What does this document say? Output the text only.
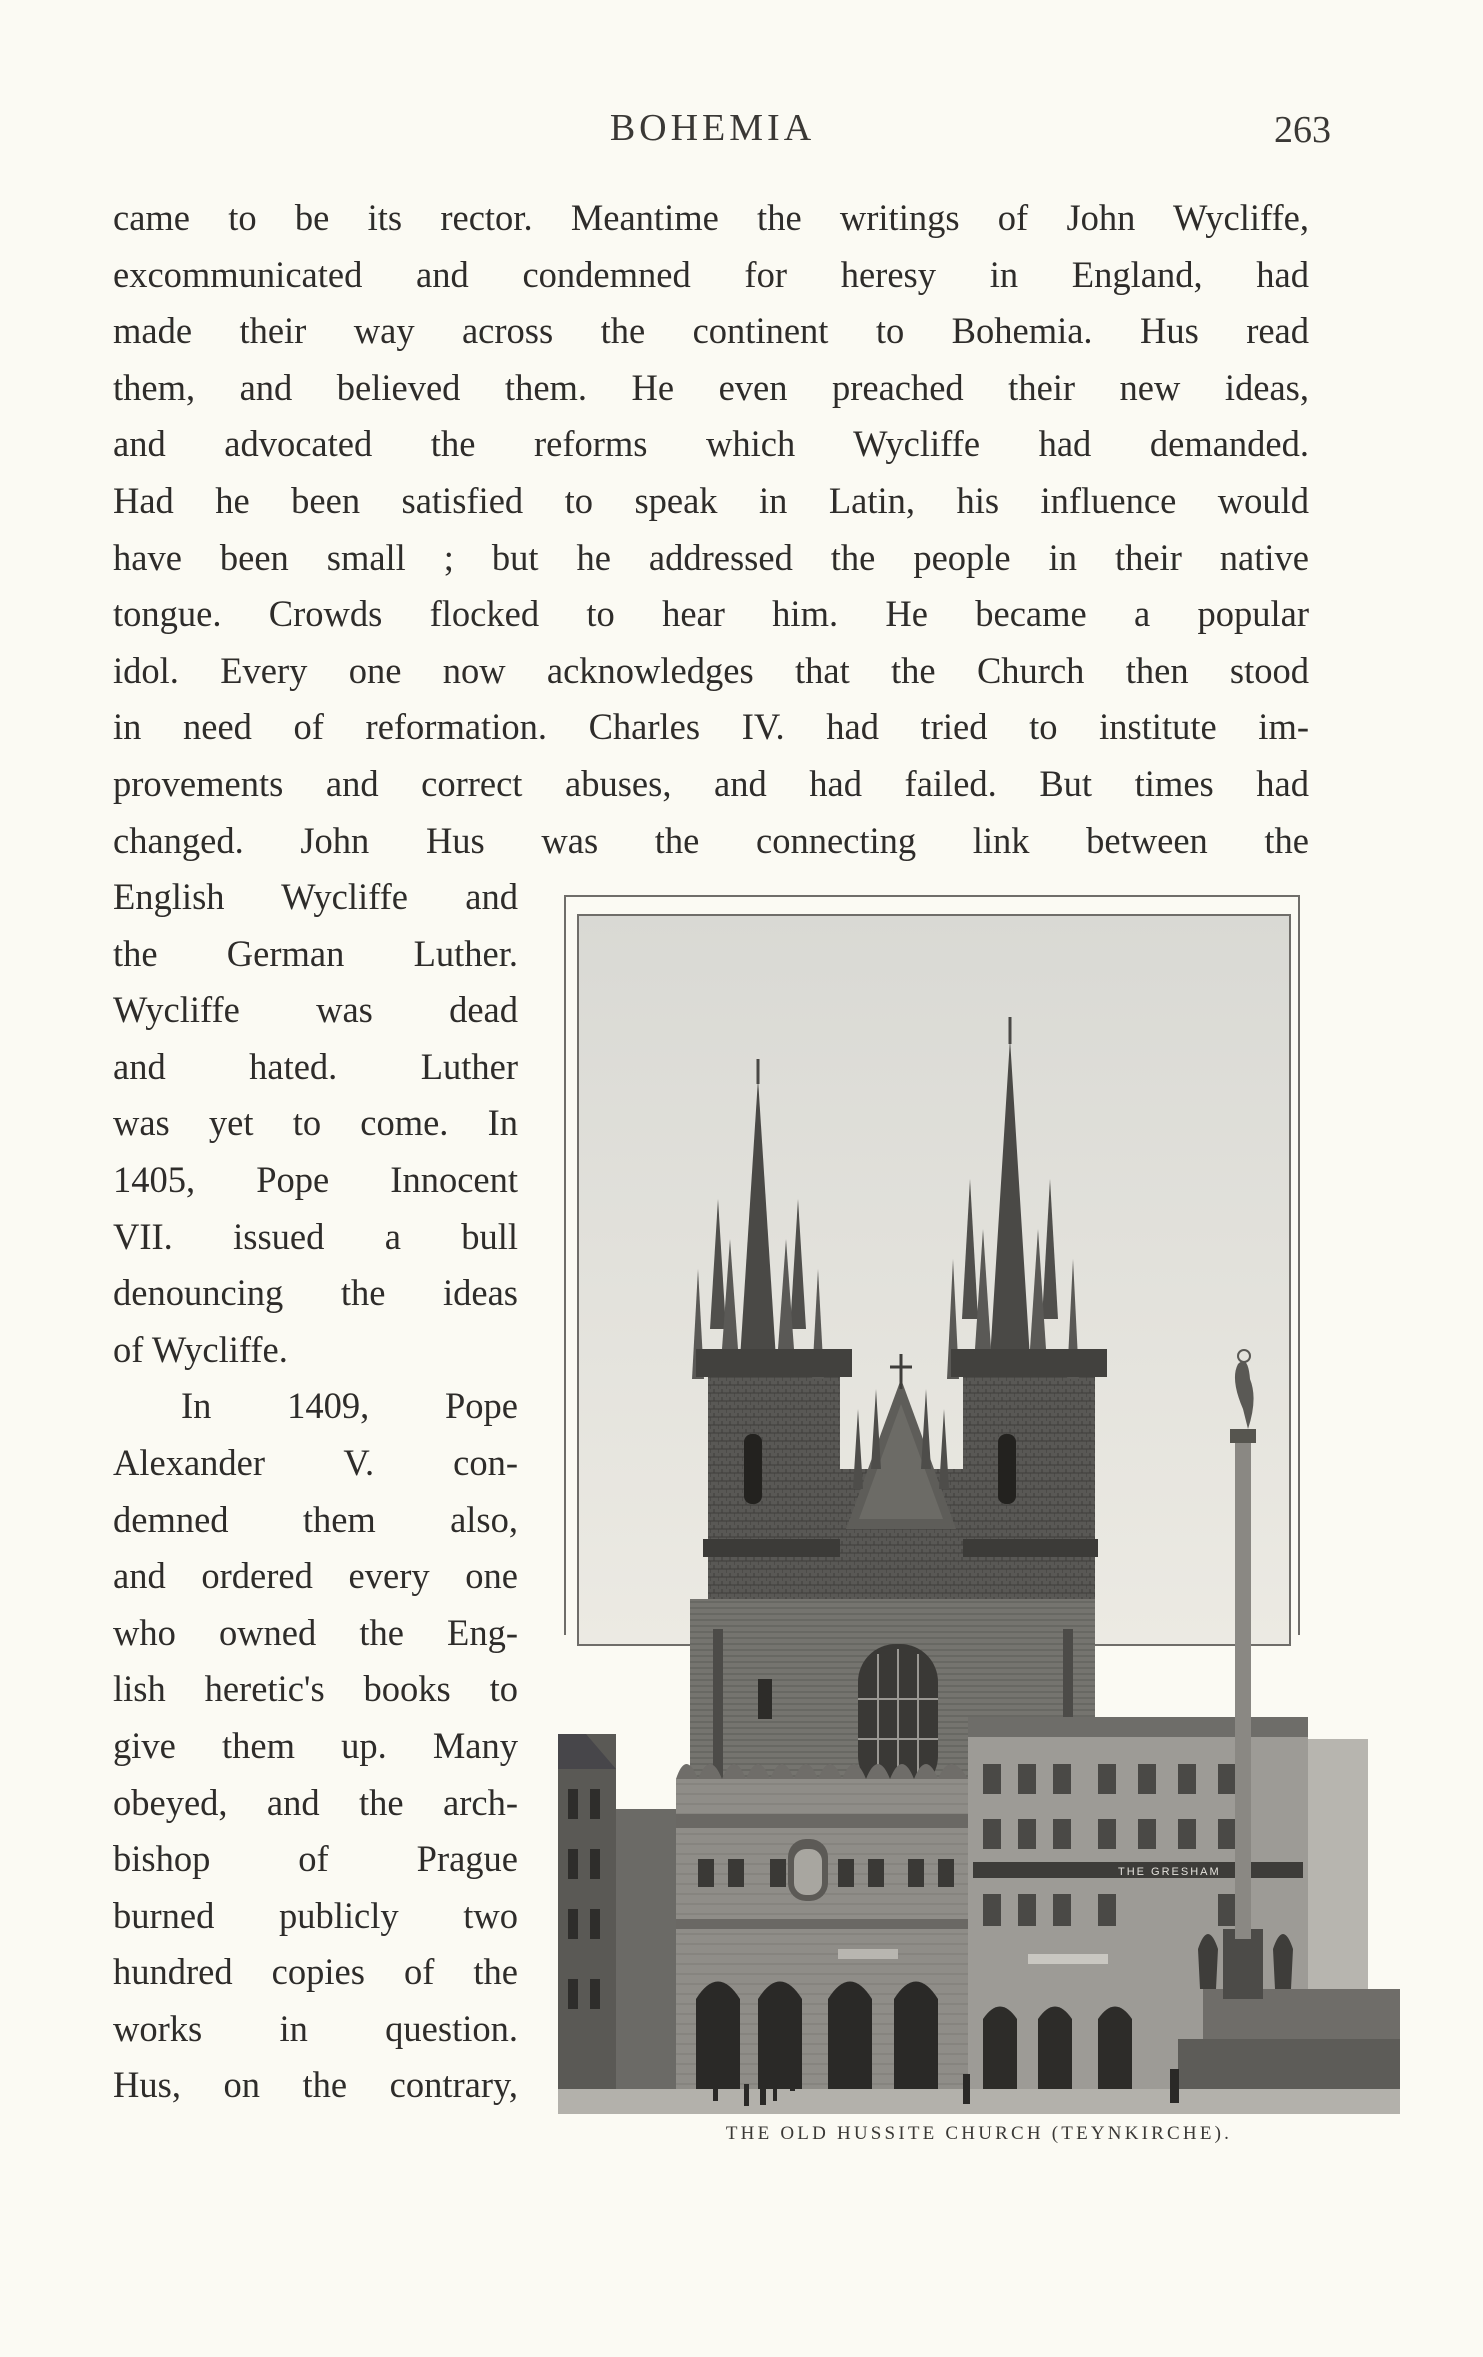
BOHEMIA	263
came to be its rector. Meantime the writings of John Wycliffe,
excommunicated and condemned for heresy in England, had
made their way across the continent to Bohemia. Hus read
them, and believed them. He even preached their new ideas,
and advocated the reforms which Wycliffe had demanded.
Had he been satisfied to speak in Latin, his influence would
have been small ; but he addressed the people in their native
tongue. Crowds flocked to hear him. He became a popular
idol. Every one now acknowledges that the Church then stood
in need of reformation. Charles IV. had tried to institute im-
provements and correct abuses, and had failed. But times had
changed. John Hus was the connecting link between the
English Wycliffe and
the German Luther.
Wycliffe was dead
and hated. Luther
was yet to come. In
1405, Pope Innocent
VII. issued a bull
denouncing the ideas
of Wycliffe.
In 1409, Pope
Alexander V. con-
demned them also,
and ordered every one
who owned the Eng-
lish heretic's books to
give them up. Many
obeyed, and the arch-
bishop of Prague
burned publicly two
hundred copies of the
works in question.
Hus, on the contrary,
THE GRESHAM
THE OLD HUSSITE CHURCH (TEYNKIRCHE).
